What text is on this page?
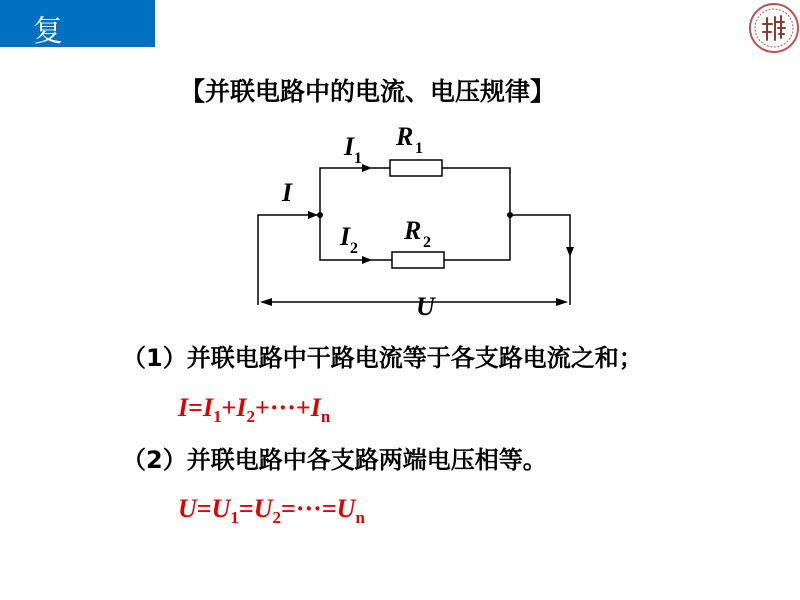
复 习	【并联电路中的电流、电压规律】
I
I 1
R 1
I 2
R 2
U
（1）并联电路中干路电流等于各支路电流之和；
$I=I_1+I_2+\cdot\cdot\cdot+I_n$
（2）并联电路中各支路两端电压相等。
$U=U_1=U_2=\cdot\cdot\cdot=U_n$
